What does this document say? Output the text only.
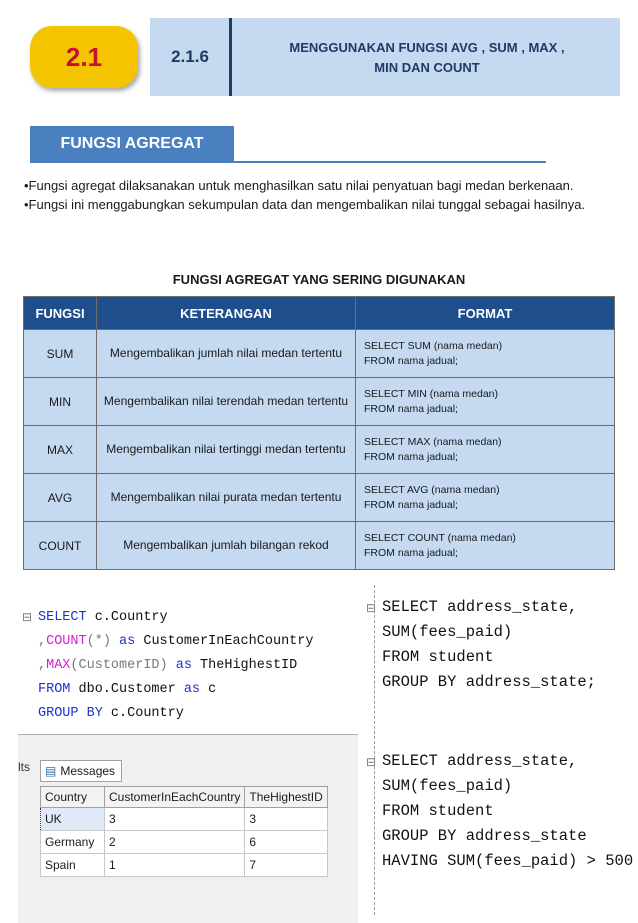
2.1	2.1.6	MENGGUNAKAN FUNGSI AVG , SUM , MAX ,
MIN DAN COUNT
FUNGSI AGREGAT
•Fungsi agregat dilaksanakan untuk menghasilkan satu nilai penyatuan bagi medan berkenaan.
•Fungsi ini menggabungkan sekumpulan data dan mengembalikan nilai tunggal sebagai hasilnya.
FUNGSI AGREGAT YANG SERING DIGUNAKAN
FUNGSI	KETERANGAN	FORMAT
SUM	Mengembalikan jumlah nilai medan tertentu	SELECT SUM (nama medan)
FROM nama jadual;

MIN	Mengembalikan nilai terendah medan tertentu	SELECT MIN (nama medan)
FROM nama jadual;

MAX	Mengembalikan nilai tertinggi medan tertentu	SELECT MAX (nama medan)
FROM nama jadual;

AVG	Mengembalikan nilai purata medan tertentu	SELECT AVG (nama medan)
FROM nama jadual;

COUNT	Mengembalikan jumlah bilangan rekod	SELECT COUNT (nama medan)
FROM nama jadual;
⊟ SELECT c.Country
,COUNT(*) as CustomerInEachCountry
,MAX(CustomerID) as TheHighestID
FROM dbo.Customer as c
GROUP BY c.Country
lts	▤ Messages
Country	CustomerInEachCountry	TheHighestID
UK	3	3
Germany	2	6
Spain	1	7
⊟ SELECT address_state,
SUM(fees_paid)
FROM student
GROUP BY address_state;
⊟ SELECT address_state,
SUM(fees_paid)
FROM student
GROUP BY address_state
HAVING SUM(fees_paid) > 500
